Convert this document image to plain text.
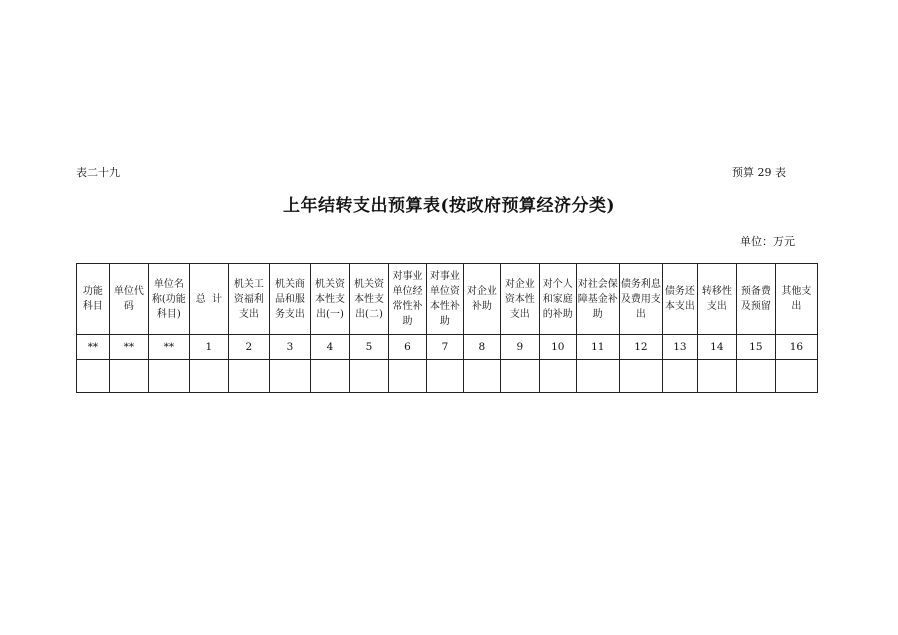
表二十九	预算 29 表
上年结转支出预算表(按政府预算经济分类)
单位：万元
功能科目	单位代码	单位名称(功能科目)	总  计	机关工资福利支出	机关商品和服务支出	机关资本性支出(一)	机关资本性支出(二)	对事业单位经常性补助	对事业单位资本性补助	对企业补助	对企业资本性支出	对个人和家庭的补助	对社会保障基金补助	债务利息及费用支出	债务还本支出	转移性支出	预备费及预留	其他支出

**	**	**	1	2	3	4	5	6	7	8	9	10	11	12	13	14	15	16
